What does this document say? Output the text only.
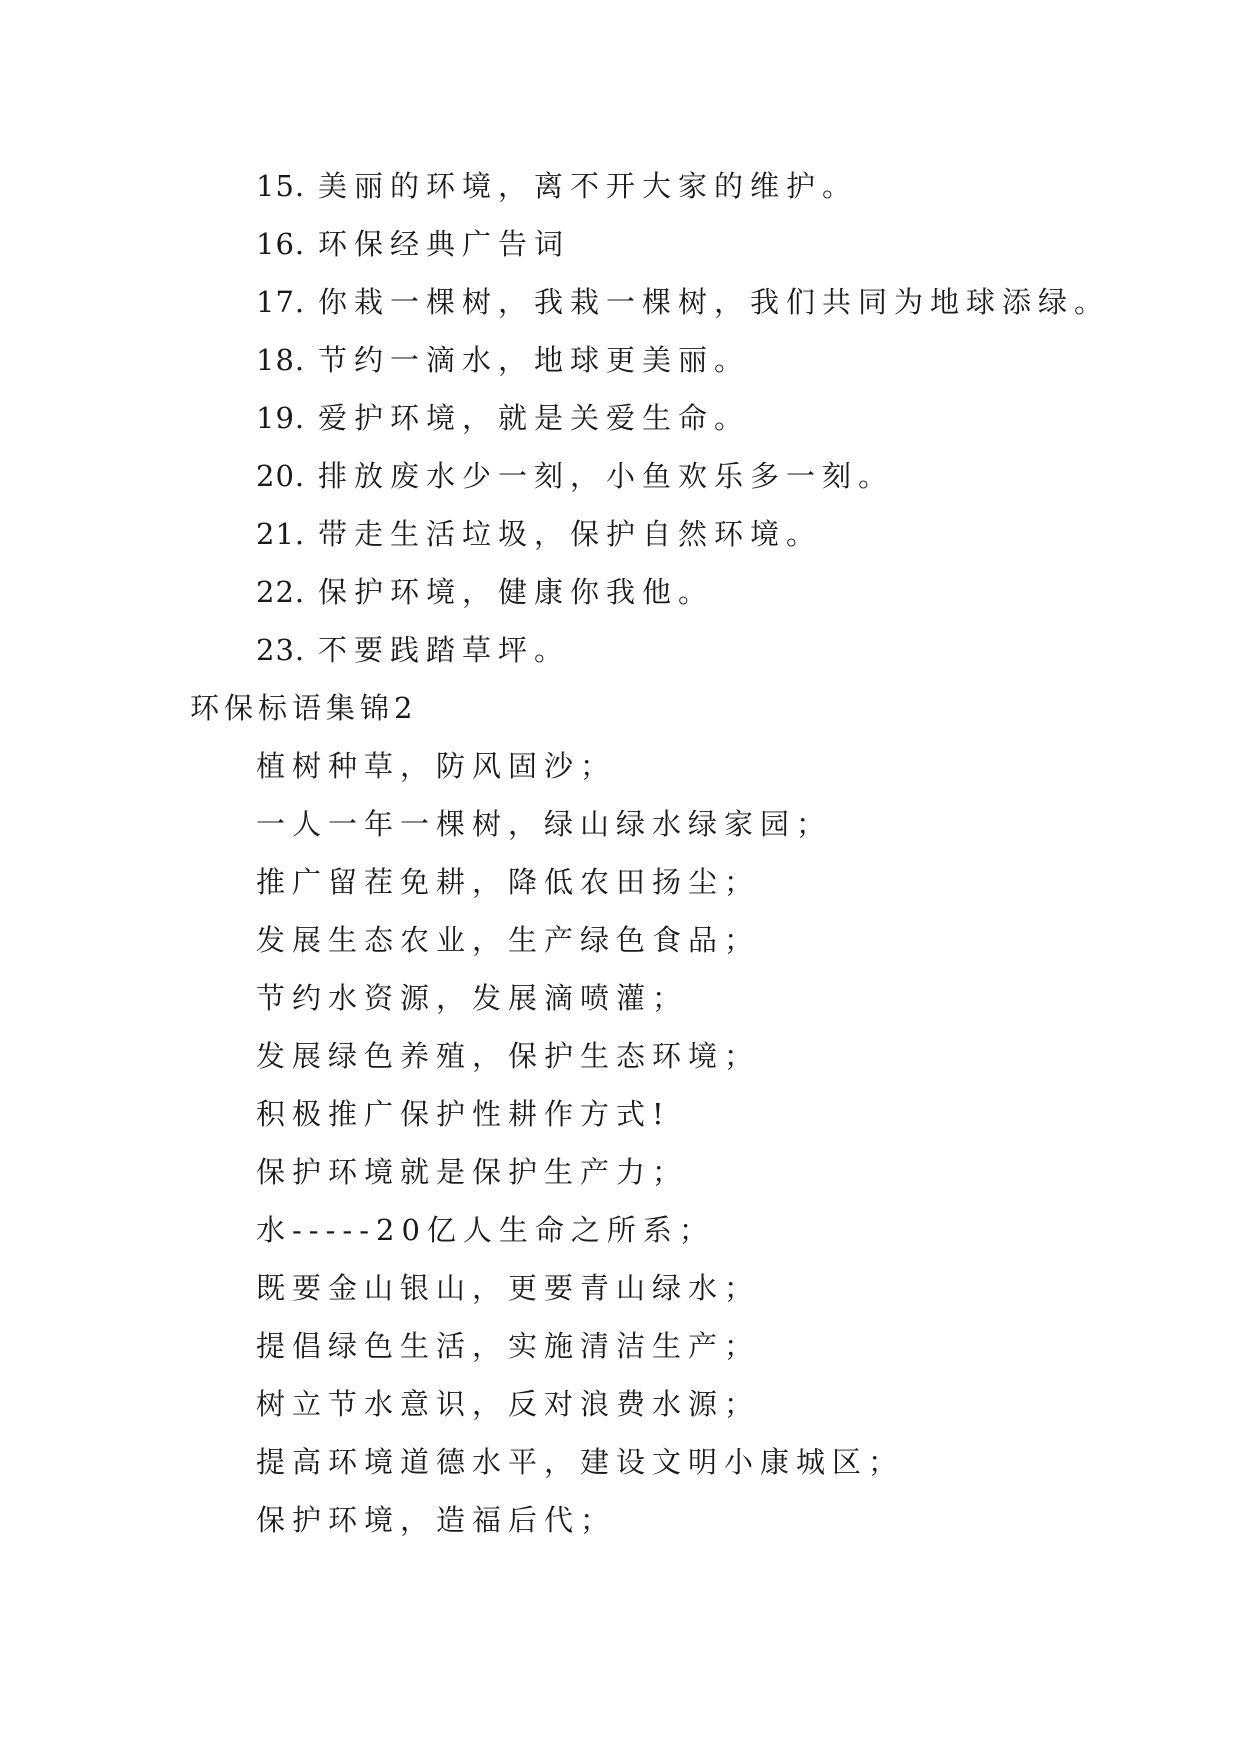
15. 美丽的环境，离不开大家的维护。
16. 环保经典广告词
17. 你栽一棵树，我栽一棵树，我们共同为地球添绿。
18. 节约一滴水，地球更美丽。
19. 爱护环境，就是关爱生命。
20. 排放废水少一刻，小鱼欢乐多一刻。
21. 带走生活垃圾，保护自然环境。
22. 保护环境，健康你我他。
23. 不要践踏草坪。
环保标语集锦2
植树种草，防风固沙；
一人一年一棵树，绿山绿水绿家园；
推广留茬免耕，降低农田扬尘；
发展生态农业，生产绿色食品；
节约水资源，发展滴喷灌；
发展绿色养殖，保护生态环境；
积极推广保护性耕作方式!
保护环境就是保护生产力；
水-----20亿人生命之所系；
既要金山银山，更要青山绿水；
提倡绿色生活，实施清洁生产；
树立节水意识，反对浪费水源；
提高环境道德水平，建设文明小康城区；
保护环境，造福后代；
